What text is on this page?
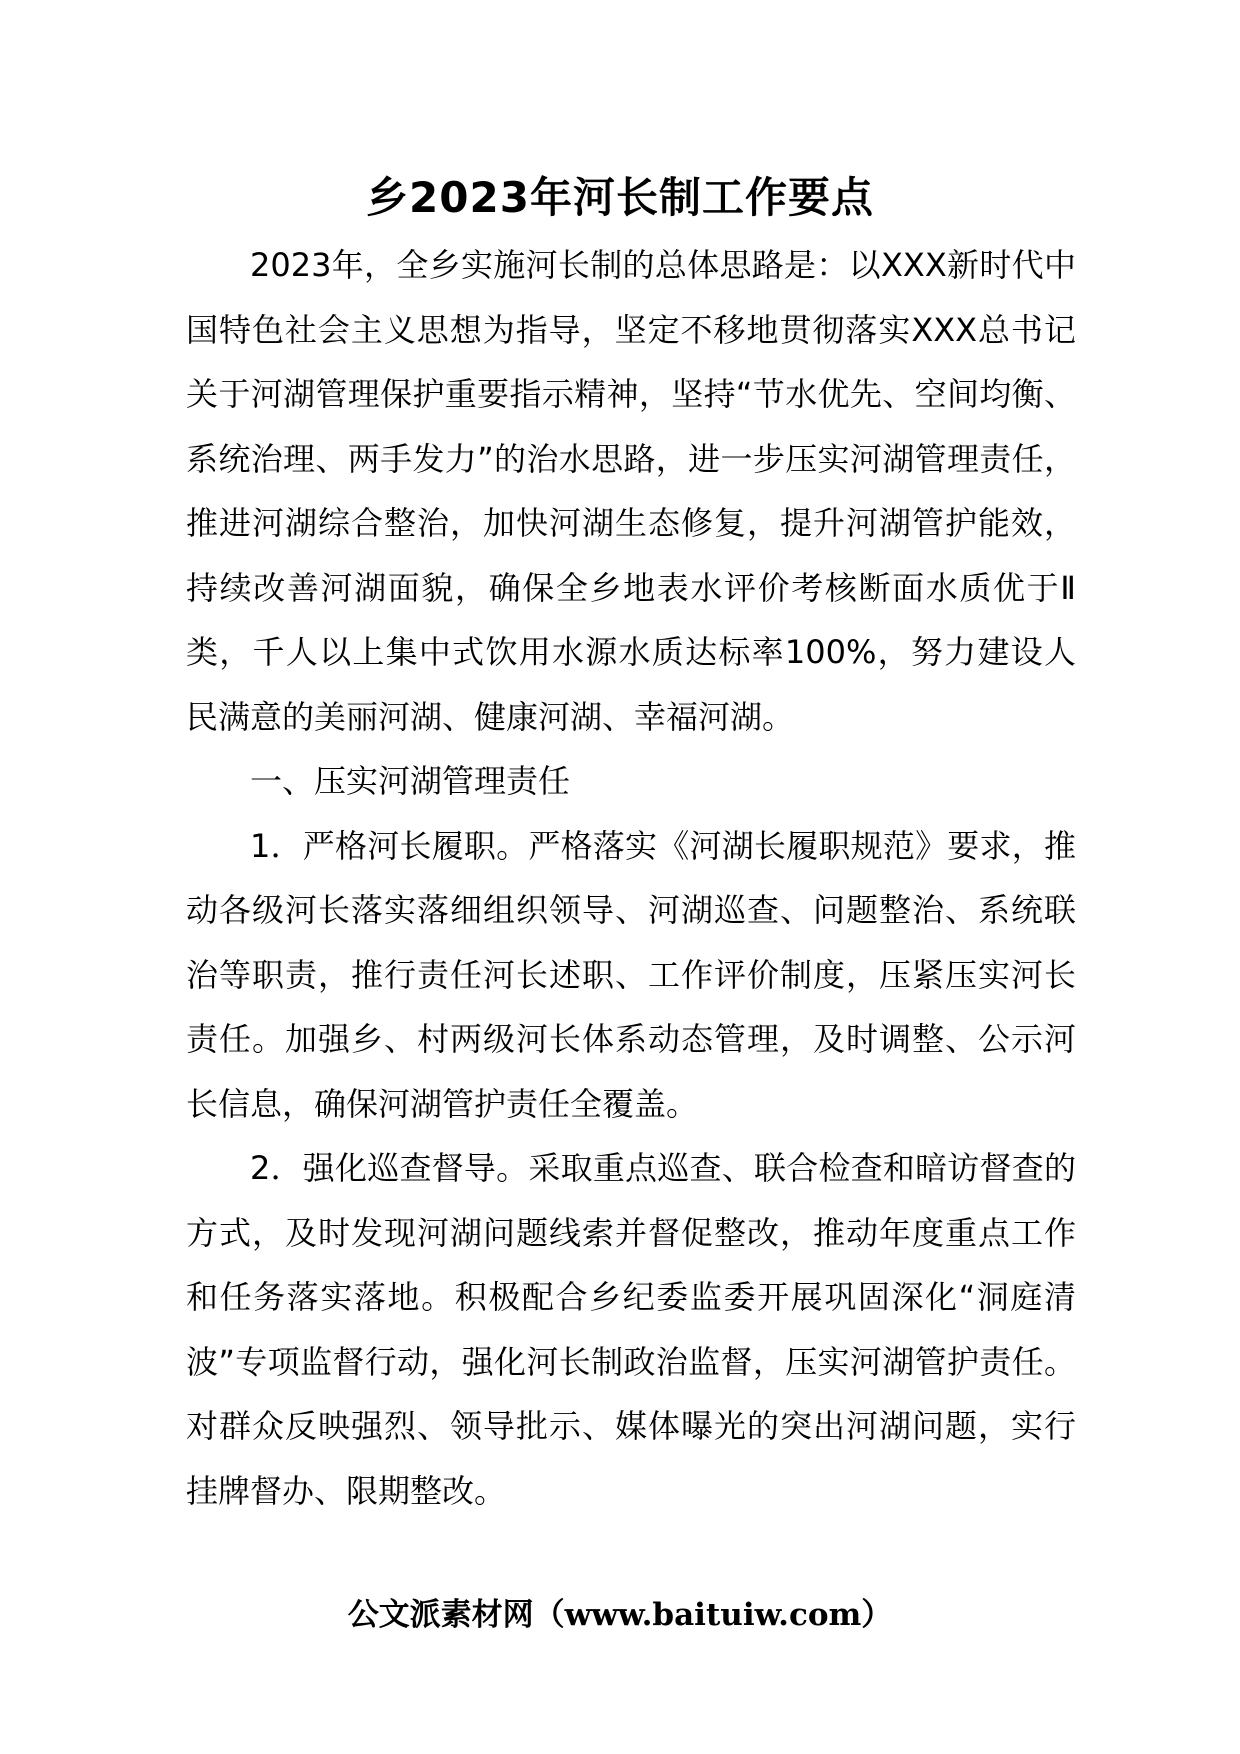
乡2023年河长制工作要点

2023年，全乡实施河长制的总体思路是：以XXX新时代中国特色社会主义思想为指导，坚定不移地贯彻落实XXX总书记关于河湖管理保护重要指示精神，坚持“节水优先、空间均衡、系统治理、两手发力”的治水思路，进一步压实河湖管理责任，推进河湖综合整治，加快河湖生态修复，提升河湖管护能效，持续改善河湖面貌，确保全乡地表水评价考核断面水质优于Ⅱ类，千人以上集中式饮用水源水质达标率100%，努力建设人民满意的美丽河湖、健康河湖、幸福河湖。

一、压实河湖管理责任

1．严格河长履职。严格落实《河湖长履职规范》要求，推动各级河长落实落细组织领导、河湖巡查、问题整治、系统联治等职责，推行责任河长述职、工作评价制度，压紧压实河长责任。加强乡、村两级河长体系动态管理，及时调整、公示河长信息，确保河湖管护责任全覆盖。

2．强化巡查督导。采取重点巡查、联合检查和暗访督查的方式，及时发现河湖问题线索并督促整改，推动年度重点工作和任务落实落地。积极配合乡纪委监委开展巩固深化“洞庭清波”专项监督行动，强化河长制政治监督，压实河湖管护责任。对群众反映强烈、领导批示、媒体曝光的突出河湖问题，实行挂牌督办、限期整改。

公文派素材网（www.baituiw.com）
